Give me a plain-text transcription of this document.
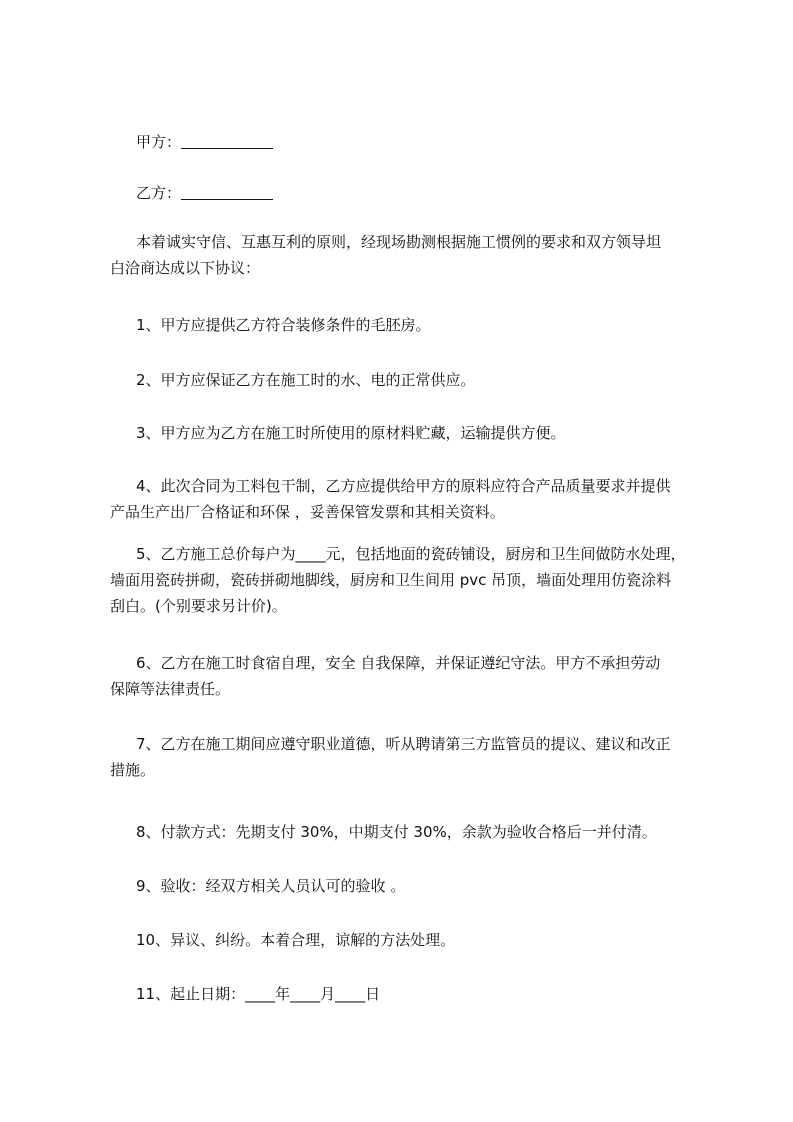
甲方：
乙方：
本着诚实守信、互惠互利的原则，经现场勘测根据施工惯例的要求和双方领导坦
白洽商达成以下协议：
1、甲方应提供乙方符合装修条件的毛胚房。
2、甲方应保证乙方在施工时的水、电的正常供应。
3、甲方应为乙方在施工时所使用的原材料贮藏，运输提供方便。
4、此次合同为工料包干制，乙方应提供给甲方的原料应符合产品质量要求并提供
产品生产出厂合格证和环保 ，妥善保管发票和其相关资料。
5、乙方施工总价每户为____元，包括地面的瓷砖铺设，厨房和卫生间做防水处理，
墙面用瓷砖拼砌，瓷砖拼砌地脚线，厨房和卫生间用 pvc 吊顶，墙面处理用仿瓷涂料
刮白。(个别要求另计价)。
6、乙方在施工时食宿自理，安全 自我保障，并保证遵纪守法。甲方不承担劳动
保障等法律责任。
7、乙方在施工期间应遵守职业道德，听从聘请第三方监管员的提议、建议和改正
措施。
8、付款方式：先期支付 30%，中期支付 30%，余款为验收合格后一并付清。
9、验收：经双方相关人员认可的验收 。
10、异议、纠纷。本着合理，谅解的方法处理。
11、起止日期：____年____月____日
